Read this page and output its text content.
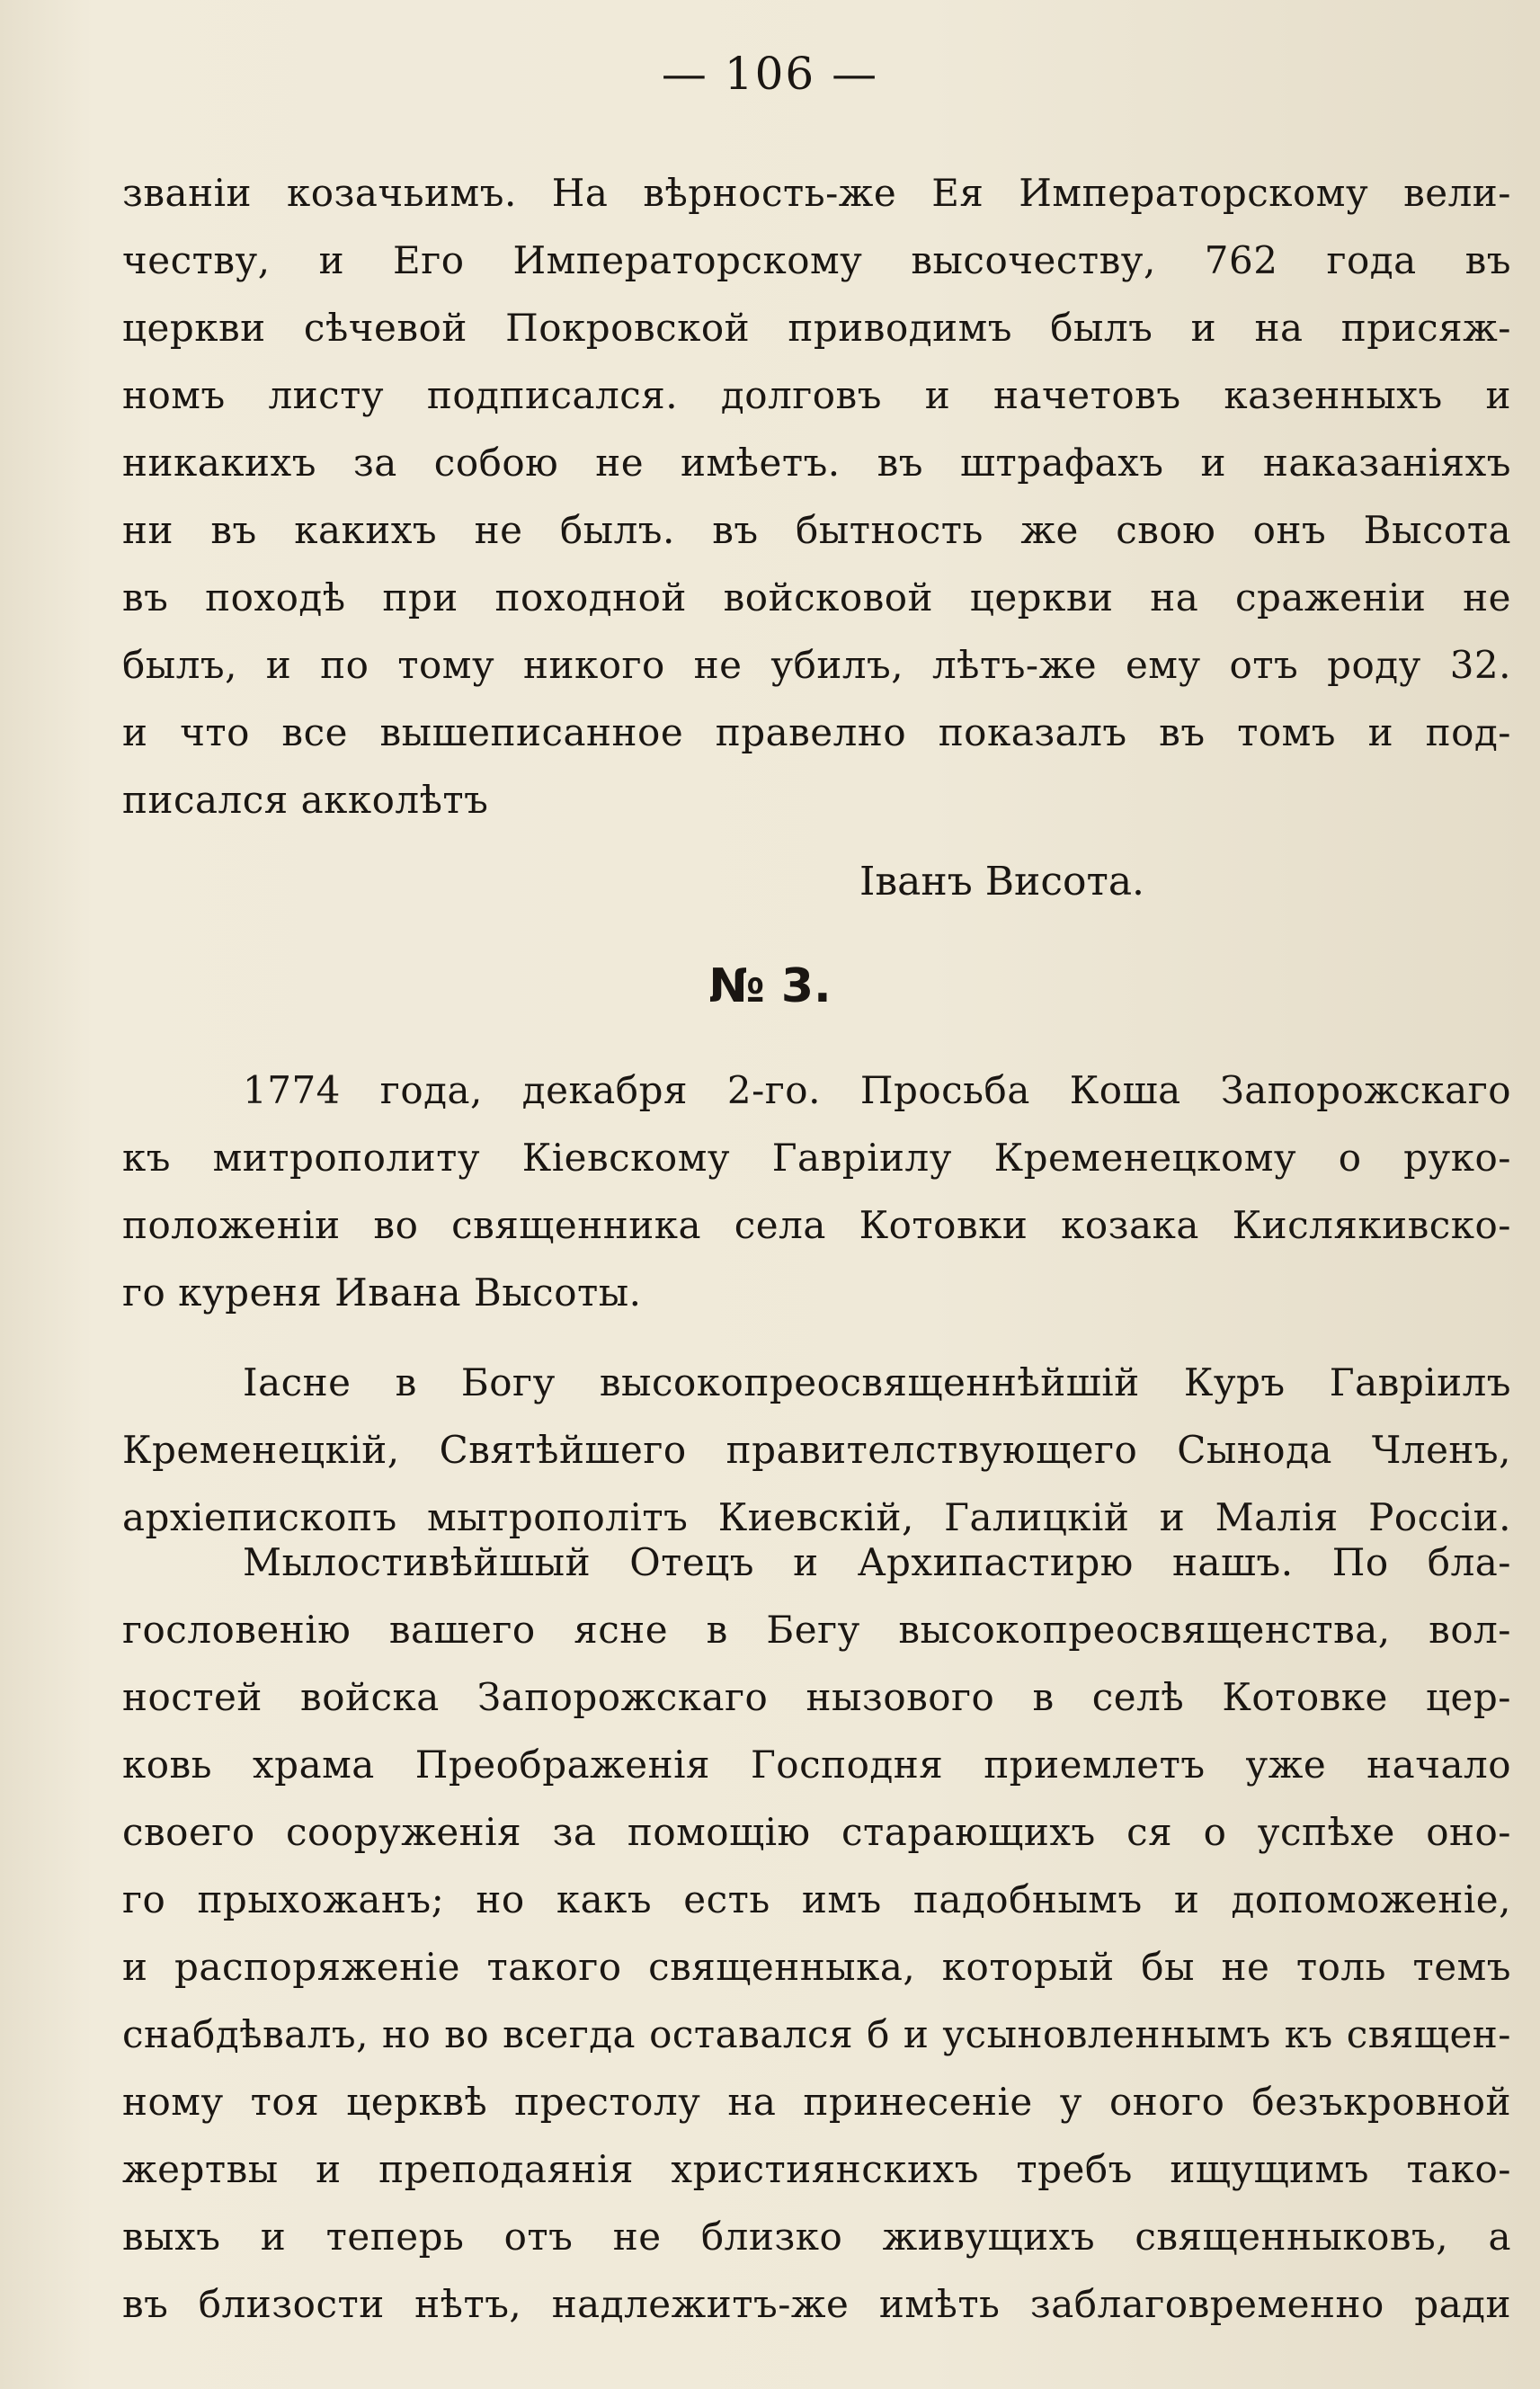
— 106 —
званіи козачьимъ. На вѣрность-же Ея Императорскому вели-
честву, и Его Императорскому высочеству, 762 года въ
церкви сѣчевой Покровской приводимъ былъ и на присяж-
номъ листу подписался. долговъ и начетовъ казенныхъ и
никакихъ за собою не имѣетъ. въ штрафахъ и наказаніяхъ
ни въ какихъ не былъ. въ бытность же свою онъ Высота
въ походѣ при походной войсковой церкви на сраженіи не
былъ, и по тому никого не убилъ, лѣтъ-же ему отъ роду 32.
и что все вышеписанное правелно показалъ въ томъ и под-
писался акколѣтъ
Іванъ Висота.
№ 3.
1774 года, декабря 2-го. Просьба Коша Запорожскаго
къ митрополиту Кіевскому Гавріилу Кременецкому о руко-
положеніи во священника села Котовки козака Кислякивско-
го куреня Ивана Высоты.
Іасне в Богу высокопреосвященнѣйшій Куръ Гавріилъ
Кременецкій, Святѣйшего правителствующего Сынода Членъ,
архіепископъ мытрополітъ Киевскій, Галицкій и Малія Россіи.
Мылостивѣйшый Отецъ и Архипастирю нашъ. По бла-
гословенію вашего ясне в Бегу высокопреосвященства, вол-
ностей войска Запорожскаго нызового в селѣ Котовке цер-
ковь храма Преображенія Господня приемлетъ уже начало
своего сооруженія за помощію старающихъ ся о успѣхе оно-
го прыхожанъ; но какъ есть имъ падобнымъ и допоможеніе,
и распоряженіе такого священныка, который бы не толь темъ
снабдѣвалъ, но во всегда оставался б и усыновленнымъ къ священ-
ному тоя церквѣ престолу на принесеніе у оного безъкровной
жертвы и преподаянія християнскихъ требъ ищущимъ тако-
выхъ и теперь отъ не близко живущихъ священныковъ, а
въ близости нѣтъ, надлежитъ-же имѣть заблаговременно ради
